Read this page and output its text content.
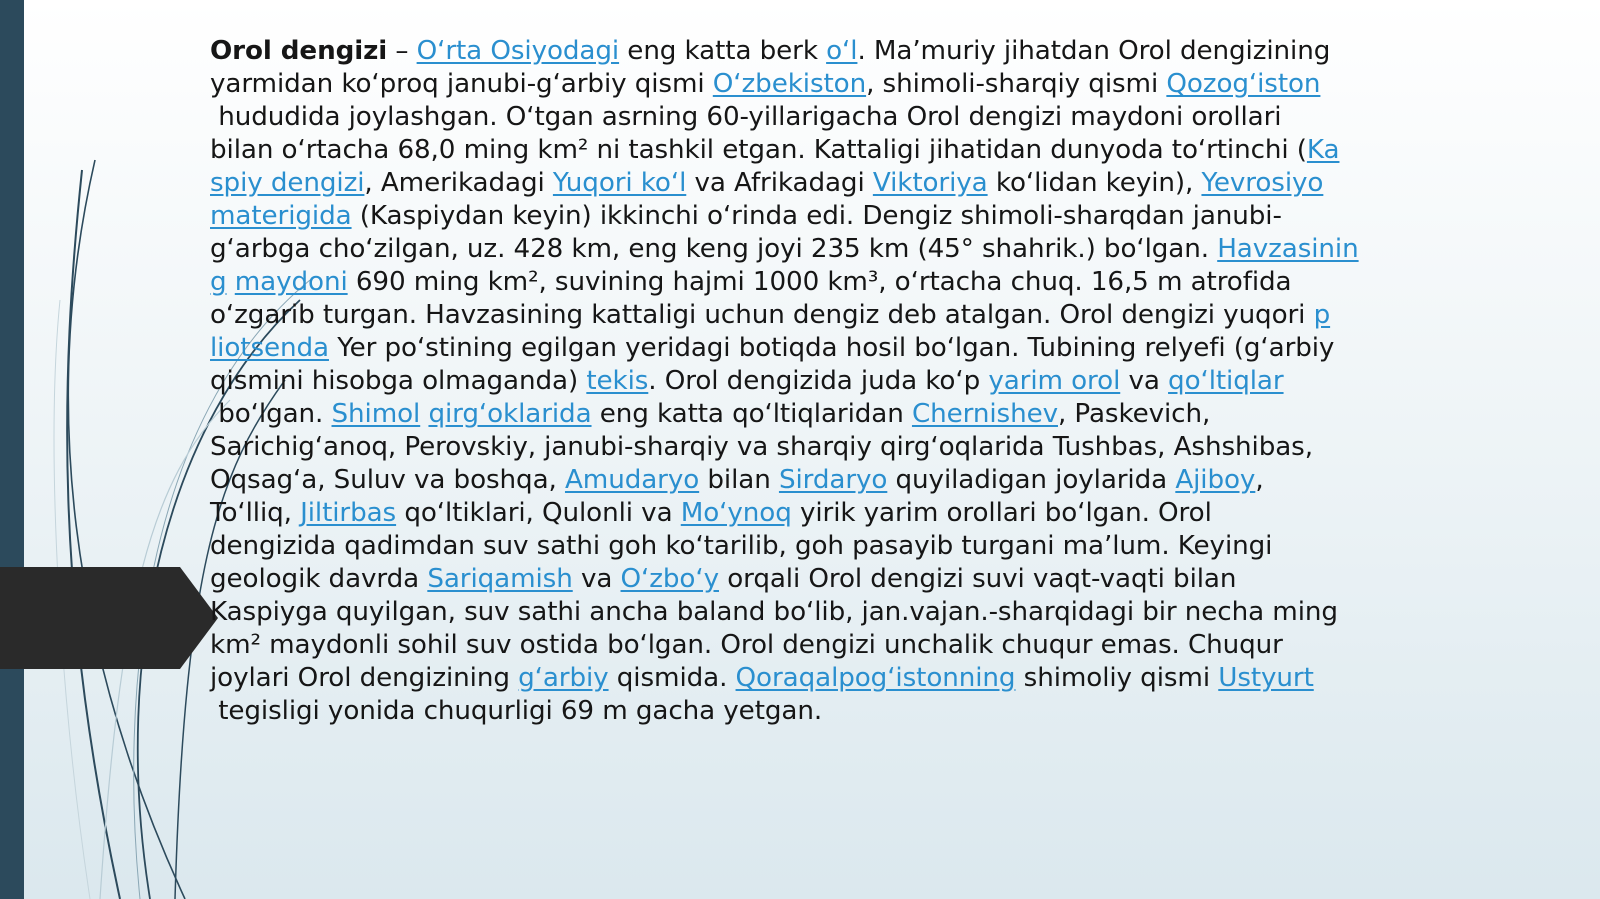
Orol dengizi – O‘rta Osiyodagi eng katta berk o‘l. Ma’muriy jihatdan Orol dengizining
yarmidan ko‘proq janubi-g‘arbiy qismi O‘zbekiston, shimoli-sharqiy qismi Qozog‘iston
hududida joylashgan. O‘tgan asrning 60-yillarigacha Orol dengizi maydoni orollari
bilan o‘rtacha 68,0 ming km² ni tashkil etgan. Kattaligi jihatidan dunyoda to‘rtinchi (Ka
spiy dengizi, Amerikadagi Yuqori ko‘l va Afrikadagi Viktoriya ko‘lidan keyin), Yevrosiyo
materigida (Kaspiydan keyin) ikkinchi o‘rinda edi. Dengiz shimoli-sharqdan janubi-
g‘arbga cho‘zilgan, uz. 428 km, eng keng joyi 235 km (45° shahrik.) bo‘lgan. Havzasinin
g maydoni 690 ming km², suvining hajmi 1000 km³, o‘rtacha chuq. 16,5 m atrofida
o‘zgarib turgan. Havzasining kattaligi uchun dengiz deb atalgan. Orol dengizi yuqori p
liotsenda Yer po‘stining egilgan yeridagi botiqda hosil bo‘lgan. Tubining relyefi (g‘arbiy
qismini hisobga olmaganda) tekis. Orol dengizida juda ko‘p yarim orol va qo‘ltiqlar
bo‘lgan. Shimol qirg‘oklarida eng katta qo‘ltiqlaridan Chernishev, Paskevich,
Sarichig‘anoq, Perovskiy, janubi-sharqiy va sharqiy qirg‘oqlarida Tushbas, Ashshibas,
Oqsag‘a, Suluv va boshqa, Amudaryo bilan Sirdaryo quyiladigan joylarida Ajiboy,
To‘lliq, Jiltirbas qo‘ltiklari, Qulonli va Mo‘ynoq yirik yarim orollari bo‘lgan. Orol
dengizida qadimdan suv sathi goh ko‘tarilib, goh pasayib turgani ma’lum. Keyingi
geologik davrda Sariqamish va O‘zbo‘y orqali Orol dengizi suvi vaqt-vaqti bilan
Kaspiyga quyilgan, suv sathi ancha baland bo‘lib, jan.vajan.-sharqidagi bir necha ming
km² maydonli sohil suv ostida bo‘lgan. Orol dengizi unchalik chuqur emas. Chuqur
joylari Orol dengizining g‘arbiy qismida. Qoraqalpog‘istonning shimoliy qismi Ustyurt
tegisligi yonida chuqurligi 69 m gacha yetgan.
